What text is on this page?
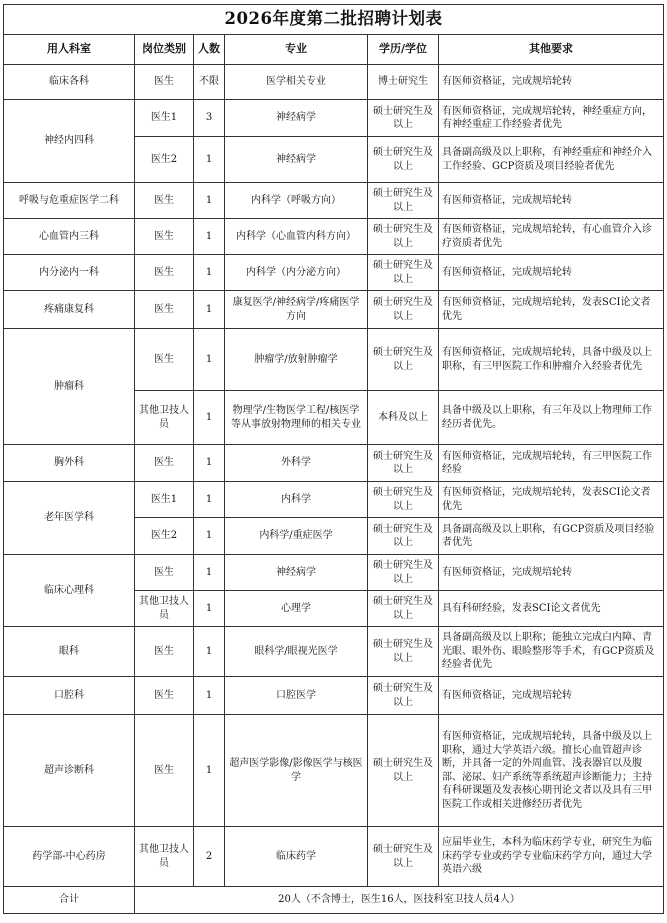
2026年度第二批招聘计划表					
用人科室	岗位类别	人数	专业	学历/学位	其他要求
临床各科	医生	不限	医学相关专业	博士研究生	有医师资格证，完成规培轮转
神经内四科	医生1	3	神经病学	硕士研究生及以上	有医师资格证，完成规培轮转，神经重症方向，有神经重症工作经验者优先
	医生2	1	神经病学	硕士研究生及以上	具备副高级及以上职称，有神经重症和神经介入工作经验、GCP资质及项目经验者优先
呼吸与危重症医学二科	医生	1	内科学（呼吸方向）	硕士研究生及以上	有医师资格证，完成规培轮转
心血管内三科	医生	1	内科学（心血管内科方向）	硕士研究生及以上	有医师资格证，完成规培轮转，有心血管介入诊疗资质者优先
内分泌内一科	医生	1	内科学（内分泌方向）	硕士研究生及以上	有医师资格证，完成规培轮转
疼痛康复科	医生	1	康复医学/神经病学/疼痛医学方向	硕士研究生及以上	有医师资格证，完成规培轮转，发表SCI论文者优先
肿瘤科	医生	1	肿瘤学/放射肿瘤学	硕士研究生及以上	有医师资格证，完成规培轮转，具备中级及以上职称，有三甲医院工作和肿瘤介入经验者优先
	其他卫技人员	1	物理学/生物医学工程/核医学等从事放射物理师的相关专业	本科及以上	具备中级及以上职称，有三年及以上物理师工作经历者优先。
胸外科	医生	1	外科学	硕士研究生及以上	有医师资格证，完成规培轮转，有三甲医院工作经验
老年医学科	医生1	1	内科学	硕士研究生及以上	有医师资格证，完成规培轮转，发表SCI论文者优先
	医生2	1	内科学/重症医学	硕士研究生及以上	具备副高级及以上职称，有GCP资质及项目经验者优先
临床心理科	医生	1	神经病学	硕士研究生及以上	有医师资格证，完成规培轮转
	其他卫技人员	1	心理学	硕士研究生及以上	具有科研经验，发表SCI论文者优先
眼科	医生	1	眼科学/眼视光医学	硕士研究生及以上	具备副高级及以上职称；能独立完成白内障、青光眼、眼外伤、眼睑整形等手术，有GCP资质及经验者优先
口腔科	医生	1	口腔医学	硕士研究生及以上	有医师资格证，完成规培轮转
超声诊断科	医生	1	超声医学影像/影像医学与核医学	硕士研究生及以上	有医师资格证，完成规培轮转，具备中级及以上职称，通过大学英语六级。擅长心血管超声诊断，并具备一定的外周血管、浅表器官以及腹部、泌尿、妇产系统等系统超声诊断能力；主持有科研课题及发表核心期刊论文者以及具有三甲医院工作或相关进修经历者优先
药学部-中心药房	其他卫技人员	2	临床药学	硕士研究生及以上	应届毕业生，本科为临床药学专业，研究生为临床药学专业或药学专业临床药学方向，通过大学英语六级
合计	20人（不含博士，医生16人，医技科室卫技人员4人）				
